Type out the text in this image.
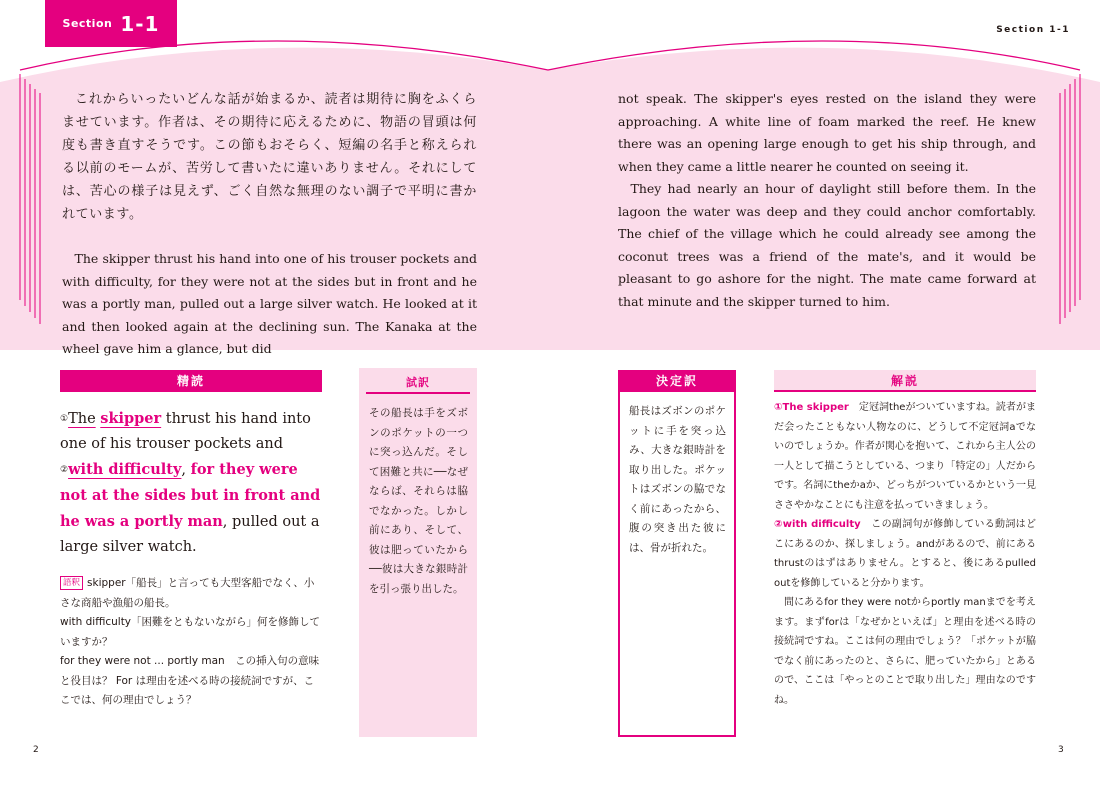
Section 1-1	Section 1-1

これからいったいどんな話が始まるか、読者は期待に胸をふくらませています。作者は、その期待に応えるために、物語の冒頭は何度も書き直すそうです。この節もおそらく、短編の名手と称えられる以前のモームが、苦労して書いたに違いありません。それにしては、苦心の様子は見えず、ごく自然な無理のない調子で平明に書かれています。

The skipper thrust his hand into one of his trouser pockets and with difficulty, for they were not at the sides but in front and he was a portly man, pulled out a large silver watch. He looked at it and then looked again at the declining sun. The Kanaka at the wheel gave him a glance, but did

not speak. The skipper's eyes rested on the island they were approaching. A white line of foam marked the reef. He knew there was an opening large enough to get his ship through, and when they came a little nearer he counted on seeing it.

They had nearly an hour of daylight still before them. In the lagoon the water was deep and they could anchor comfortably. The chief of the village which he could already see among the coconut trees was a friend of the mate's, and it would be pleasant to go ashore for the night. The mate came forward at that minute and the skipper turned to him.

精読

①The skipper thrust his hand into one of his trouser pockets and ②with difficulty, for they were not at the sides but in front and he was a portly man, pulled out a large silver watch.

語釈 skipper「船長」と言っても大型客船でなく、小さな商船や漁船の船長。

with difficulty「困難をともないながら」何を修飾していますか？

for they were not ... portly man　この挿入句の意味と役目は？ For は理由を述べる時の接続詞ですが、ここでは、何の理由でしょう？

試訳

その船長は手をズボンのポケットの一つに突っ込んだ。そして困難と共に──なぜならば、それらは脇でなかった。しかし前にあり、そして、彼は肥っていたから──彼は大きな銀時計を引っ張り出した。

決定訳

船長はズボンのポケットに手を突っ込み、大きな銀時計を取り出した。ポケットはズボンの脇でなく前にあったから、腹の突き出た彼には、骨が折れた。

解説

①The skipper　定冠詞theがついていますね。読者がまだ会ったこともない人物なのに、どうして不定冠詞aでないのでしょうか。作者が関心を抱いて、これから主人公の一人として描こうとしている、つまり「特定の」人だからです。名詞にtheかaか、どっちがついているかという一見ささやかなことにも注意を払っていきましょう。

②with difficulty　この副詞句が修飾している動詞はどこにあるのか、探しましょう。andがあるので、前にあるthrustのはずはありません。とすると、後にあるpulled outを修飾していると分かります。

間にあるfor they were notからportly manまでを考えます。まずforは「なぜかといえば」と理由を述べる時の接続詞ですね。ここは何の理由でしょう？「ポケットが脇でなく前にあったのと、さらに、肥っていたから」とあるので、ここは「やっとのことで取り出した」理由なのですね。

2	3
